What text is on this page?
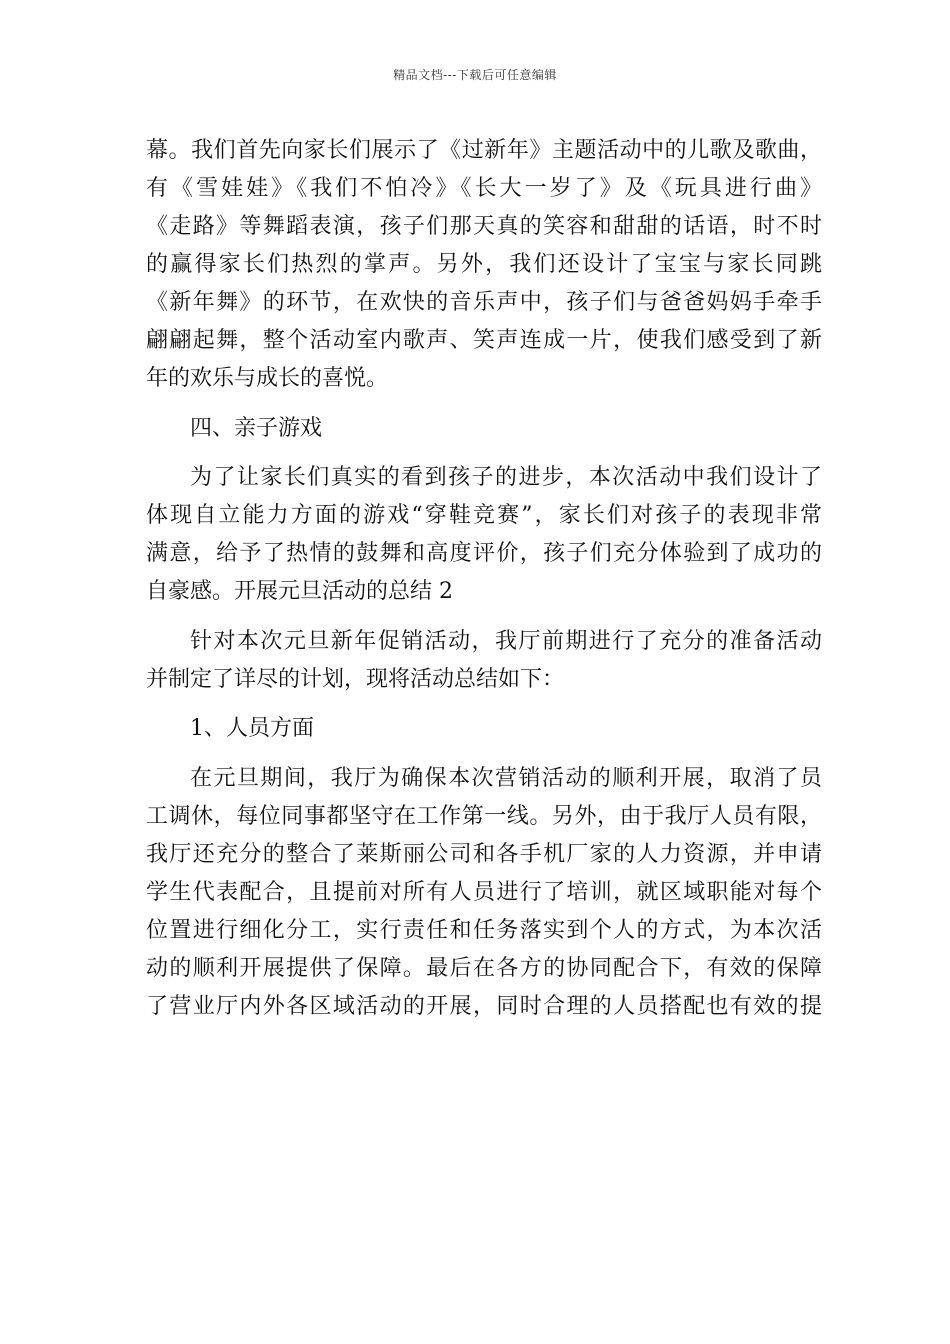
精品文档---下载后可任意编辑
幕。我们首先向家长们展示了《过新年》主题活动中的儿歌及歌曲，
有《雪娃娃》《我们不怕冷》《长大一岁了》及《玩具进行曲》
《走路》等舞蹈表演，孩子们那天真的笑容和甜甜的话语，时不时
的赢得家长们热烈的掌声。另外，我们还设计了宝宝与家长同跳
《新年舞》的环节，在欢快的音乐声中，孩子们与爸爸妈妈手牵手
翩翩起舞，整个活动室内歌声、笑声连成一片，使我们感受到了新
年的欢乐与成长的喜悦。
四、亲子游戏
为了让家长们真实的看到孩子的进步，本次活动中我们设计了
体现自立能力方面的游戏“穿鞋竞赛”，家长们对孩子的表现非常
满意，给予了热情的鼓舞和高度评价，孩子们充分体验到了成功的
自豪感。开展元旦活动的总结 2
针对本次元旦新年促销活动，我厅前期进行了充分的准备活动
并制定了详尽的计划，现将活动总结如下：
1、人员方面
在元旦期间，我厅为确保本次营销活动的顺利开展，取消了员
工调休，每位同事都坚守在工作第一线。另外，由于我厅人员有限，
我厅还充分的整合了莱斯丽公司和各手机厂家的人力资源，并申请
学生代表配合，且提前对所有人员进行了培训，就区域职能对每个
位置进行细化分工，实行责任和任务落实到个人的方式，为本次活
动的顺利开展提供了保障。最后在各方的协同配合下，有效的保障
了营业厅内外各区域活动的开展，同时合理的人员搭配也有效的提
